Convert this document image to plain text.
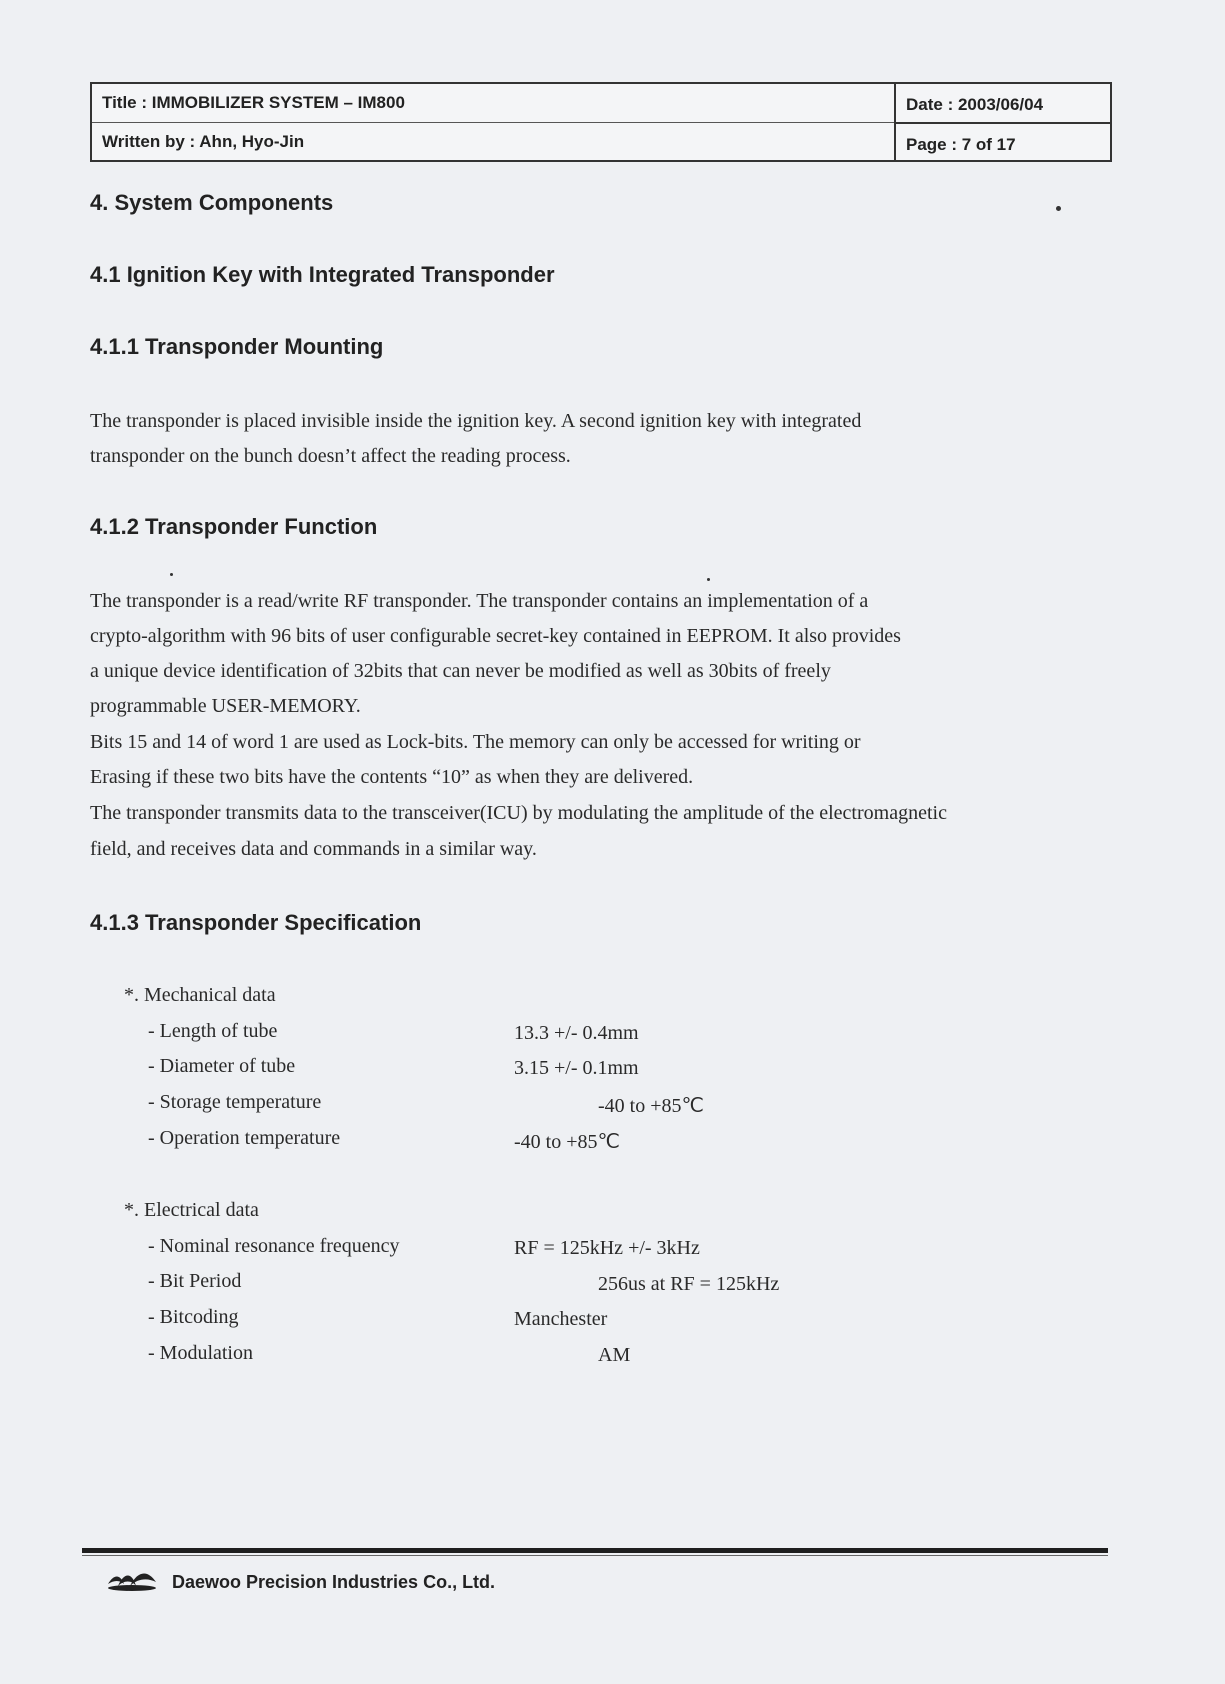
Title : IMMOBILIZER SYSTEM – IM800	Date : 2003/06/04
Written by : Ahn, Hyo-Jin	Page : 7 of 17
4. System Components
4.1 Ignition Key with Integrated Transponder
4.1.1 Transponder Mounting

The transponder is placed invisible inside the ignition key. A second ignition key with integrated

transponder on the bunch doesn’t affect the reading process.

4.1.2 Transponder Function

The transponder is a read/write RF transponder. The transponder contains an implementation of a

crypto-algorithm with 96 bits of user configurable secret-key contained in EEPROM. It also provides

a unique device identification of 32bits that can never be modified as well as 30bits of freely

programmable USER-MEMORY.

Bits 15 and 14 of word 1 are used as Lock-bits. The memory can only be accessed for writing or

Erasing if these two bits have the contents “10” as when they are delivered.

The transponder transmits data to the transceiver(ICU) by modulating the amplitude of the electromagnetic

field, and receives data and commands in a similar way.

4.1.3 Transponder Specification
*. Mechanical data
- Length of tube	13.3 +/- 0.4mm
- Diameter of tube	3.15 +/- 0.1mm
- Storage temperature	-40 to +85℃
- Operation temperature	-40 to +85℃
*. Electrical data
- Nominal resonance frequency	RF = 125kHz +/- 3kHz
- Bit Period	256us at RF = 125kHz
- Bitcoding	Manchester
- Modulation	AM
Daewoo Precision Industries Co., Ltd.
